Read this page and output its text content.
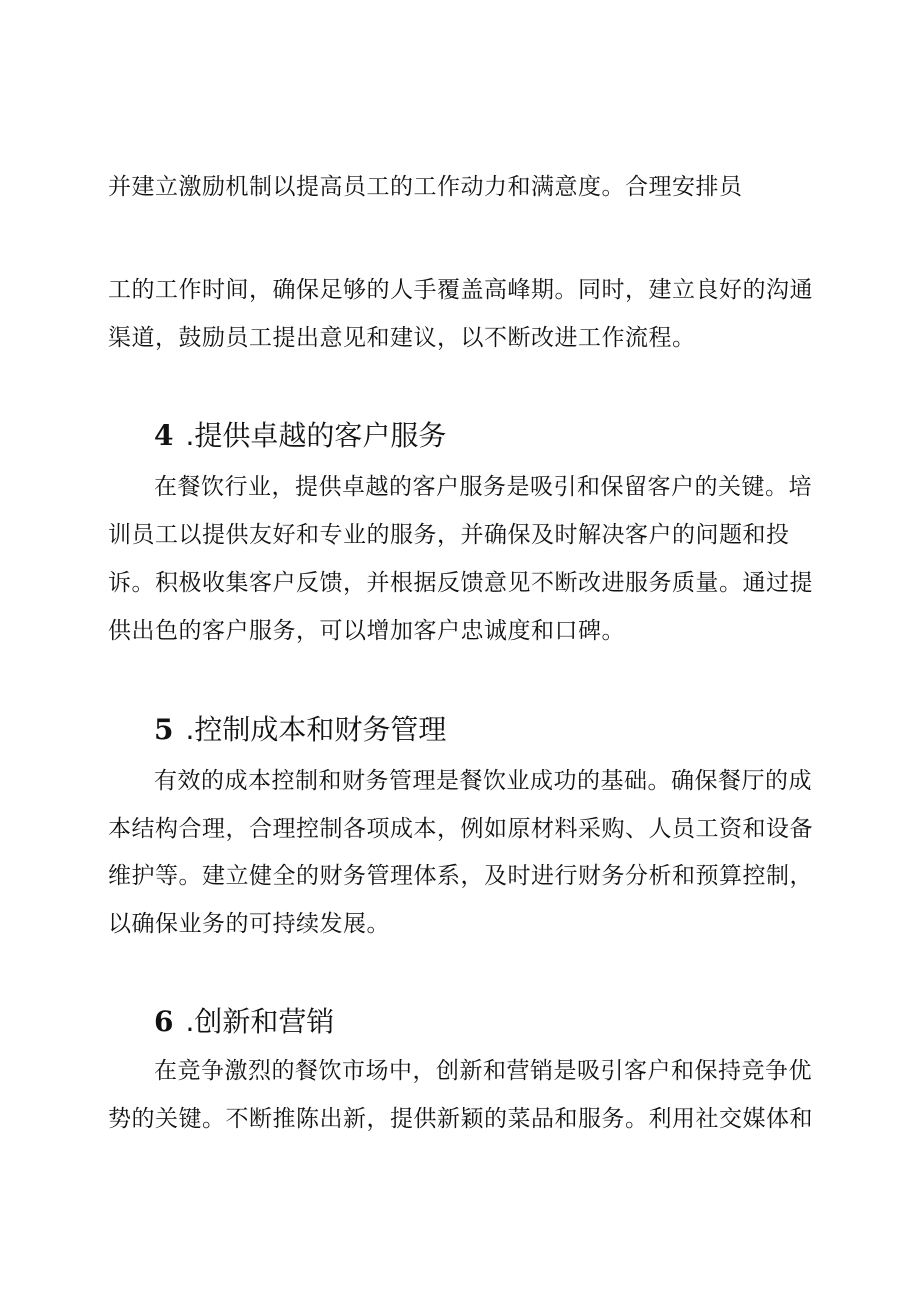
并建立激励机制以提高员工的工作动力和满意度。合理安排员
工的工作时间，确保足够的人手覆盖高峰期。同时，建立良好的沟通
渠道，鼓励员工提出意见和建议，以不断改进工作流程。
4 .提供卓越的客户服务
在餐饮行业，提供卓越的客户服务是吸引和保留客户的关键。培
训员工以提供友好和专业的服务，并确保及时解决客户的问题和投
诉。积极收集客户反馈，并根据反馈意见不断改进服务质量。通过提
供出色的客户服务，可以增加客户忠诚度和口碑。
5 .控制成本和财务管理
有效的成本控制和财务管理是餐饮业成功的基础。确保餐厅的成
本结构合理，合理控制各项成本，例如原材料采购、人员工资和设备
维护等。建立健全的财务管理体系，及时进行财务分析和预算控制，
以确保业务的可持续发展。
6 .创新和营销
在竞争激烈的餐饮市场中，创新和营销是吸引客户和保持竞争优
势的关键。不断推陈出新，提供新颖的菜品和服务。利用社交媒体和
